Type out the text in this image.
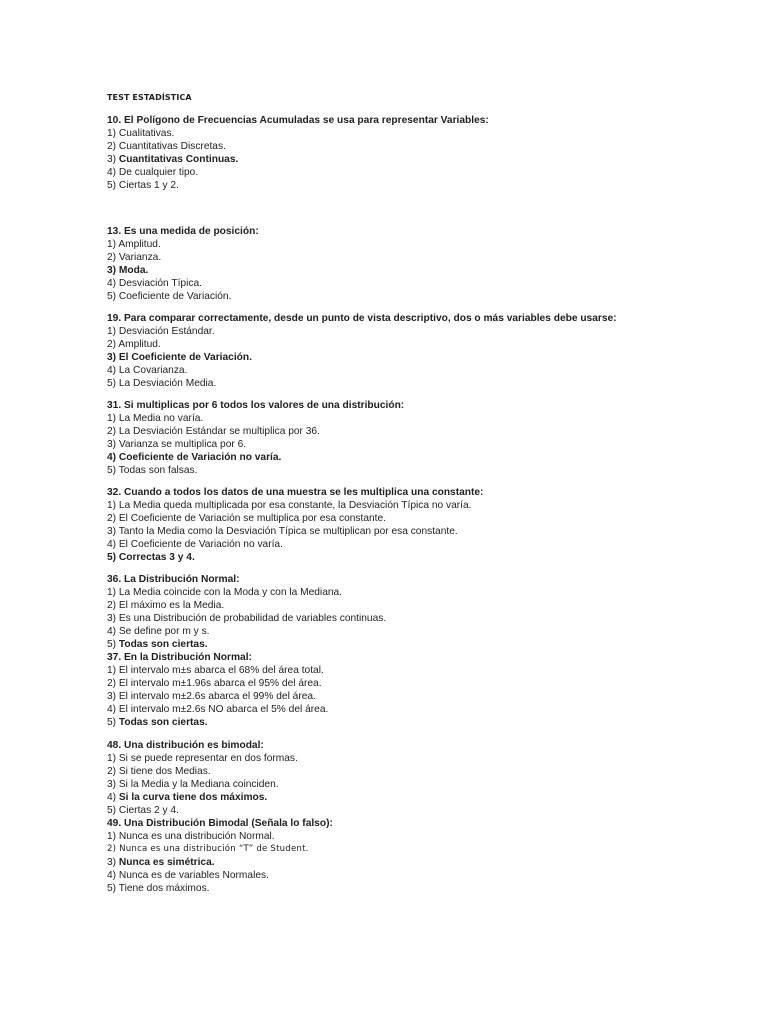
TEST ESTADÍSTICA
10. El Polígono de Frecuencias Acumuladas se usa para representar Variables:
1) Cualitativas.
2) Cuantitativas Discretas.
3) Cuantitativas Continuas.
4) De cualquier tipo.
5) Ciertas 1 y 2.
13. Es una medida de posición:
1) Amplitud.
2) Varianza.
3) Moda.
4) Desviación Típica.
5) Coeficiente de Variación.
19. Para comparar correctamente, desde un punto de vista descriptivo, dos o más variables debe usarse:
1) Desviación Estándar.
2) Amplitud.
3) El Coeficiente de Variación.
4) La Covarianza.
5) La Desviación Media.
31. Si multiplicas por 6 todos los valores de una distribución:
1) La Media no varía.
2) La Desviación Estándar se multiplica por 36.
3) Varianza se multiplica por 6.
4) Coeficiente de Variación no varía.
5) Todas son falsas.
32. Cuando a todos los datos de una muestra se les multiplica una constante:
1) La Media queda multiplicada por esa constante, la Desviación Típica no varía.
2) El Coeficiente de Variación se multiplica por esa constante.
3) Tanto la Media como la Desviación Típica se multiplican por esa constante.
4) El Coeficiente de Variación no varía.
5) Correctas 3 y 4.
36. La Distribución Normal:
1) La Media coincide con la Moda y con la Mediana.
2) El máximo es la Media.
3) Es una Distribución de probabilidad de variables continuas.
4) Se define por m y s.
5) Todas son ciertas.
37. En la Distribución Normal:
1) El intervalo m±s abarca el 68% del área total.
2) El intervalo m±1.96s abarca el 95% del área.
3) El intervalo m±2.6s abarca el 99% del área.
4) El intervalo m±2.6s NO abarca el 5% del área.
5) Todas son ciertas.
48. Una distribución es bimodal:
1) Si se puede representar en dos formas.
2) Si tiene dos Medias.
3) Si la Media y la Mediana coinciden.
4) Si la curva tiene dos máximos.
5) Ciertas 2 y 4.
49. Una Distribución Bimodal (Señala lo falso):
1) Nunca es una distribución Normal.
2) Nunca es una distribución “T” de Student.
3) Nunca es simétrica.
4) Nunca es de variables Normales.
5) Tiene dos máximos.
